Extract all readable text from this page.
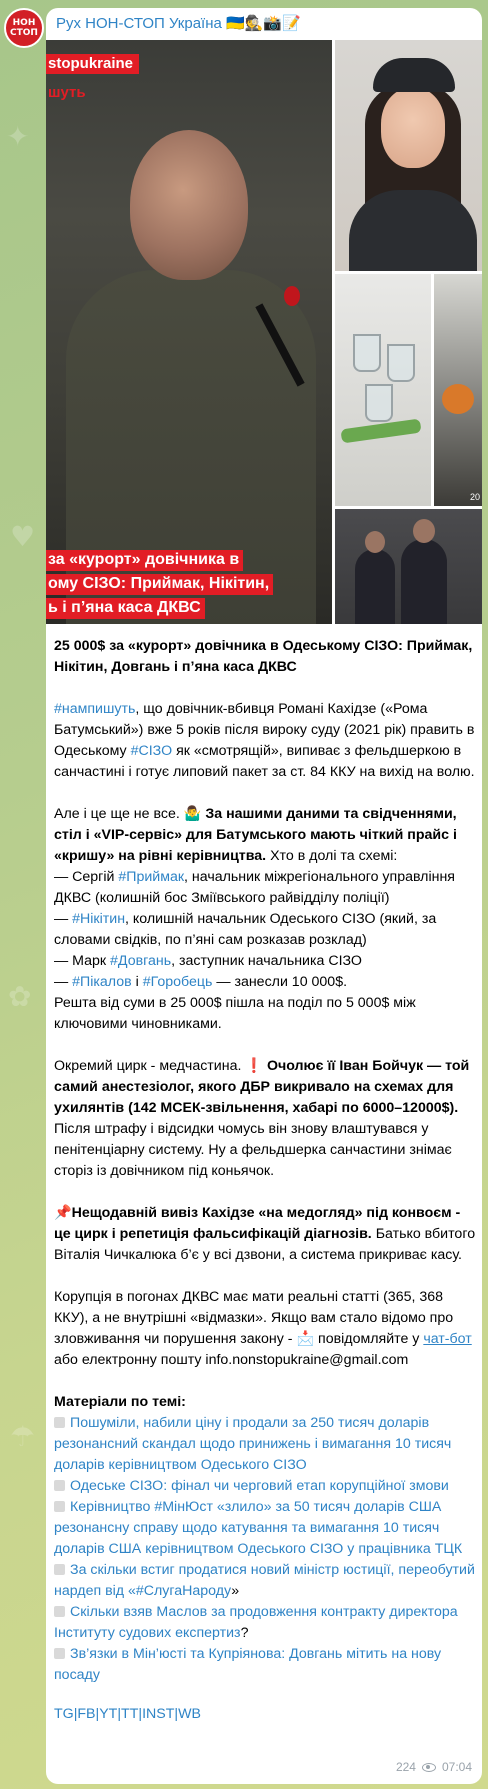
✦
♥
✿
☂
НОН
СТОП
Рух НОН-СТОП Україна 🇺🇦🕵️📸📝
stopukraine
шуть
за «курорт» довічника в
ому СІЗО: Приймак, Нікітин,
ь і п’яна каса ДКВС
20

25 000$ за «курорт» довічника в Одеському СІЗО: Приймак, Нікітин, Довгань і п’яна каса ДКВС

#нампишуть, що довічник-вбивця Романі Кахідзе («Рома Батумський») вже 5 років після вироку суду (2021 рік) править в Одеському #СІЗО як «смотрящій», випиває з фельдшеркою в санчастині і готує липовий пакет за ст. 84 ККУ на вихід на волю.

Але і це ще не все. 🤷‍♂️ За нашими даними та свідченнями, стіл і «VIP-сервіс» для Батумського мають чіткий прайс і «кришу» на рівні керівництва. Хто в долі та схемі:
— Сергій #Приймак, начальник міжрегіонального управління ДКВС (колишній бос Зміївського райвідділу поліції)
— #Нікітин, колишній начальник Одеського СІЗО (який, за словами свідків, по п’яні сам розказав розклад)
— Марк #Довгань, заступник начальника СІЗО
— #Пікалов і #Горобець — занесли 10 000$.
Решта від суми в 25 000$ пішла на поділ по 5 000$ між ключовими чиновниками.

Окремий цирк - медчастина. ❗ Очолює її Іван Бойчук — той самий анестезіолог, якого ДБР викривало на схемах для ухилянтів (142 МСЕК-звільнення, хабарі по 6000–12000$). Після штрафу і відсидки чомусь він знову влаштувався у пенітенціарну систему. Ну а фельдшерка санчастини знімає сторіз із довічником під коньячок.

📌Нещодавній вивіз Кахідзе «на медогляд» під конвоєм - це цирк і репетиція фальсифікацій діагнозів. Батько вбитого Віталія Чичкалюка б’є у всі дзвони, а система прикриває касу.

Корупція в погонах ДКВС має мати реальні статті (365, 368 ККУ), а не внутрішні «відмазки». Якщо вам стало відомо про зловживання чи порушення закону - 📩 повідомляйте у чат-бот або електронну пошту info.nonstopukraine@gmail.com

Матеріали по темі:
Пошуміли, набили ціну і продали за 250 тисяч доларів резонансний скандал щодо принижень і вимагання 10 тисяч доларів керівництвом Одеського СІЗО
Одеське СІЗО: фінал чи черговий етап корупційної змови
Керівництво #МінЮст «злило» за 50 тисяч доларів США резонансну справу щодо катування та вимагання 10 тисяч доларів США керівництвом Одеського СІЗО у працівника ТЦК
За скільки встиг продатися новий міністр юстиції, переобутий нардеп від «#СлугаНароду»
Скільки взяв Маслов за продовження контракту директора Інституту судових експертиз?
Зв’язки в Мін’юсті та Купріянова: Довгань мітить на нову посаду

TG|FB|YT|TT|INST|WB

224 07:04
